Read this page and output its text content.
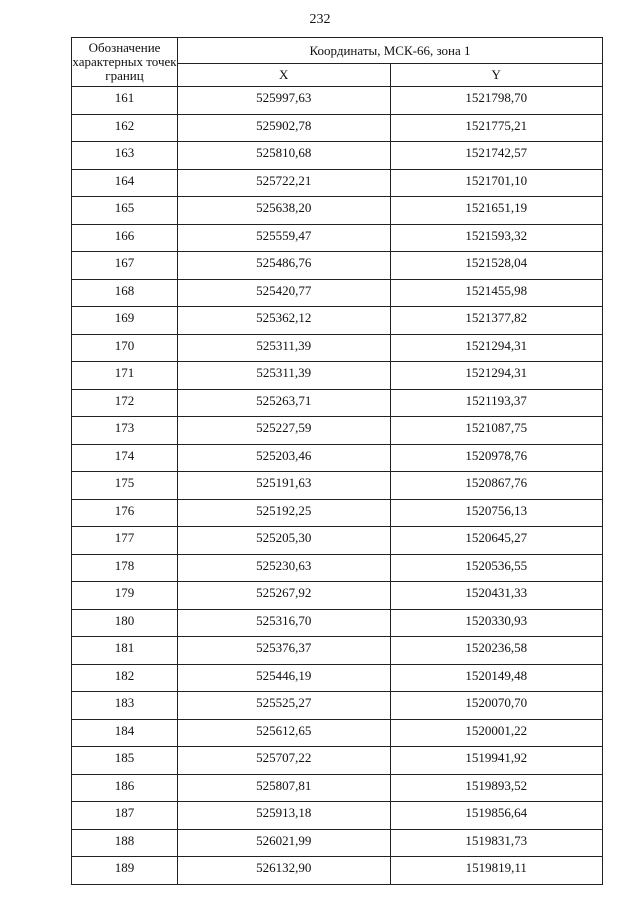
232
Обозначение характерных точек границ	Координаты, МСК-66, зона 1	
	X	Y
161	525997,63	1521798,70
162	525902,78	1521775,21
163	525810,68	1521742,57
164	525722,21	1521701,10
165	525638,20	1521651,19
166	525559,47	1521593,32
167	525486,76	1521528,04
168	525420,77	1521455,98
169	525362,12	1521377,82
170	525311,39	1521294,31
171	525311,39	1521294,31
172	525263,71	1521193,37
173	525227,59	1521087,75
174	525203,46	1520978,76
175	525191,63	1520867,76
176	525192,25	1520756,13
177	525205,30	1520645,27
178	525230,63	1520536,55
179	525267,92	1520431,33
180	525316,70	1520330,93
181	525376,37	1520236,58
182	525446,19	1520149,48
183	525525,27	1520070,70
184	525612,65	1520001,22
185	525707,22	1519941,92
186	525807,81	1519893,52
187	525913,18	1519856,64
188	526021,99	1519831,73
189	526132,90	1519819,11
